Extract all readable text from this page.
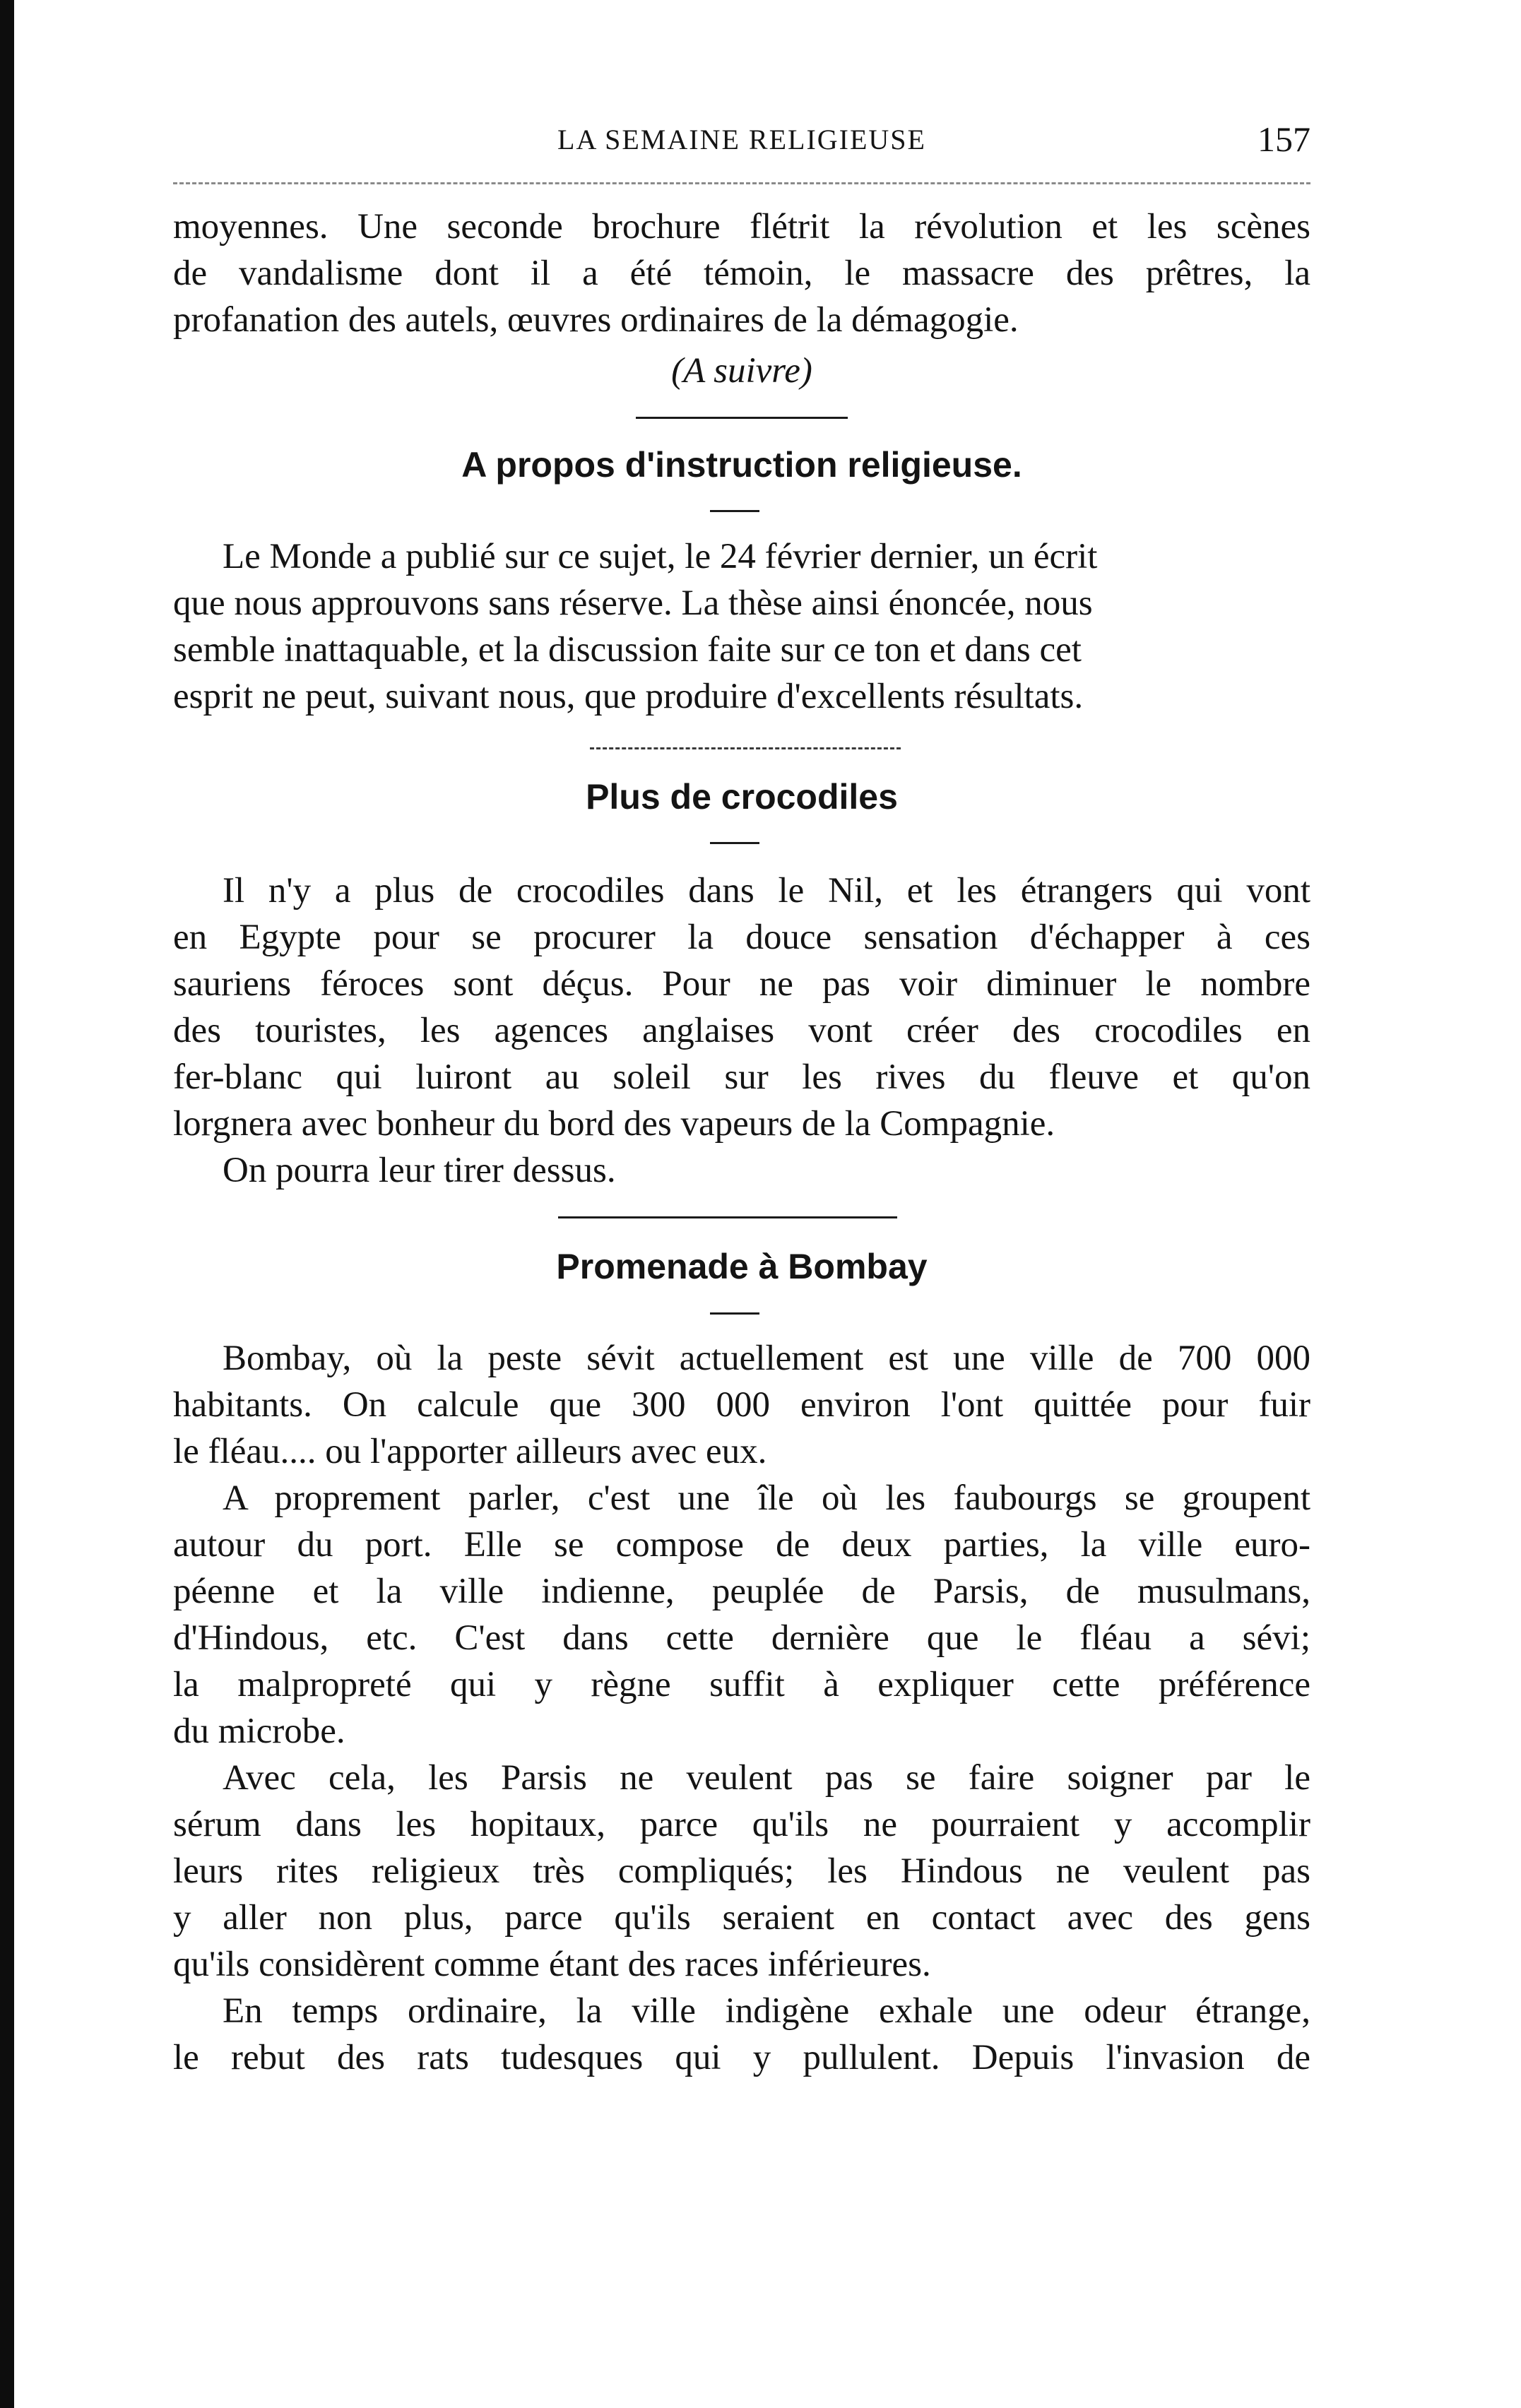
LA SEMAINE RELIGIEUSE	157

moyennes. Une seconde brochure flétrit la révolution et les scènes
de vandalisme dont il a été témoin, le massacre des prêtres, la
profanation des autels, œuvres ordinaires de la démagogie.

(A suivre)
A propos d'instruction religieuse.

Le Monde a publié sur ce sujet, le 24 février dernier, un écrit
que nous approuvons sans réserve. La thèse ainsi énoncée, nous
semble inattaquable, et la discussion faite sur ce ton et dans cet
esprit ne peut, suivant nous, que produire d'excellents résultats.

Plus de crocodiles

Il n'y a plus de crocodiles dans le Nil, et les étrangers qui vont
en Egypte pour se procurer la douce sensation d'échapper à ces
sauriens féroces sont déçus. Pour ne pas voir diminuer le nombre
des touristes, les agences anglaises vont créer des crocodiles en
fer-blanc qui luiront au soleil sur les rives du fleuve et qu'on
lorgnera avec bonheur du bord des vapeurs de la Compagnie.

On pourra leur tirer dessus.

Promenade à Bombay

Bombay, où la peste sévit actuellement est une ville de 700 000
habitants. On calcule que 300 000 environ l'ont quittée pour fuir
le fléau.... ou l'apporter ailleurs avec eux.

A proprement parler, c'est une île où les faubourgs se groupent
autour du port. Elle se compose de deux parties, la ville euro-
péenne et la ville indienne, peuplée de Parsis, de musulmans,
d'Hindous, etc. C'est dans cette dernière que le fléau a sévi;
la malpropreté qui y règne suffit à expliquer cette préférence
du microbe.

Avec cela, les Parsis ne veulent pas se faire soigner par le
sérum dans les hopitaux, parce qu'ils ne pourraient y accomplir
leurs rites religieux très compliqués; les Hindous ne veulent pas
y aller non plus, parce qu'ils seraient en contact avec des gens
qu'ils considèrent comme étant des races inférieures.

En temps ordinaire, la ville indigène exhale une odeur étrange,
le rebut des rats tudesques qui y pullulent. Depuis l'invasion de
